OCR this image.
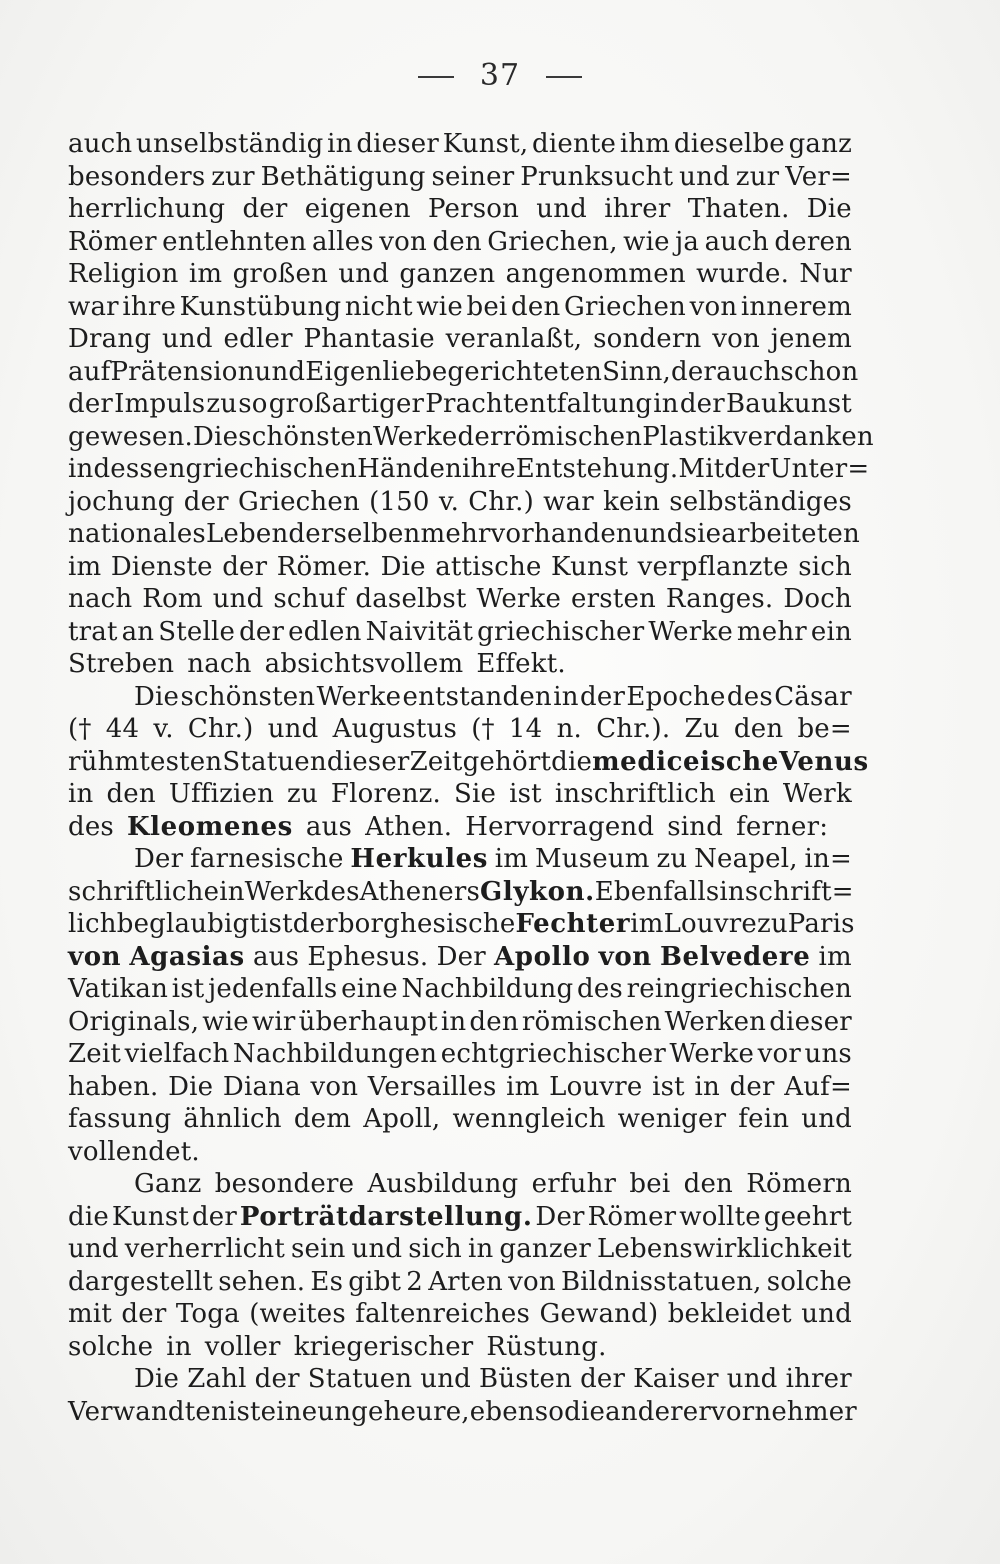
37
auch unselbständig in dieser Kunst, diente ihm dieselbe ganz
besonders zur Bethätigung seiner Prunksucht und zur Ver=
herrlichung der eigenen Person und ihrer Thaten. Die
Römer entlehnten alles von den Griechen, wie ja auch deren
Religion im großen und ganzen angenommen wurde. Nur
war ihre Kunstübung nicht wie bei den Griechen von innerem
Drang und edler Phantasie veranlaßt, sondern von jenem
auf Prätension und Eigenliebe gerichteten Sinn, der auch schon
der Impuls zu so großartiger Prachtentfaltung in der Baukunst
gewesen. Die schönsten Werke der römischen Plastik verdanken
indessen griechischen Händen ihre Entstehung. Mit der Unter=
jochung der Griechen (150 v. Chr.) war kein selbständiges
nationales Leben derselben mehr vorhanden und sie arbeiteten
im Dienste der Römer. Die attische Kunst verpflanzte sich
nach Rom und schuf daselbst Werke ersten Ranges. Doch
trat an Stelle der edlen Naivität griechischer Werke mehr ein
Streben nach absichtsvollem Effekt.
Die schönsten Werke entstanden in der Epoche des Cäsar
(† 44 v. Chr.) und Augustus († 14 n. Chr.). Zu den be=
rühmtesten Statuen dieser Zeit gehört die mediceische Venus
in den Uffizien zu Florenz. Sie ist inschriftlich ein Werk
des Kleomenes aus Athen. Hervorragend sind ferner:
Der farnesische Herkules im Museum zu Neapel, in=
schriftlich ein Werk des Atheners Glykon. Ebenfalls inschrift=
lich beglaubigt ist der borghesische Fechter im Louvre zu Paris
von Agasias aus Ephesus. Der Apollo von Belvedere im
Vatikan ist jedenfalls eine Nachbildung des reingriechischen
Originals, wie wir überhaupt in den römischen Werken dieser
Zeit vielfach Nachbildungen echtgriechischer Werke vor uns
haben. Die Diana von Versailles im Louvre ist in der Auf=
fassung ähnlich dem Apoll, wenngleich weniger fein und
vollendet.
Ganz besondere Ausbildung erfuhr bei den Römern
die Kunst der Porträtdarstellung. Der Römer wollte geehrt
und verherrlicht sein und sich in ganzer Lebenswirklichkeit
dargestellt sehen. Es gibt 2 Arten von Bildnisstatuen, solche
mit der Toga (weites faltenreiches Gewand) bekleidet und
solche in voller kriegerischer Rüstung.
Die Zahl der Statuen und Büsten der Kaiser und ihrer
Verwandten ist eine ungeheure, ebenso die anderer vornehmer
